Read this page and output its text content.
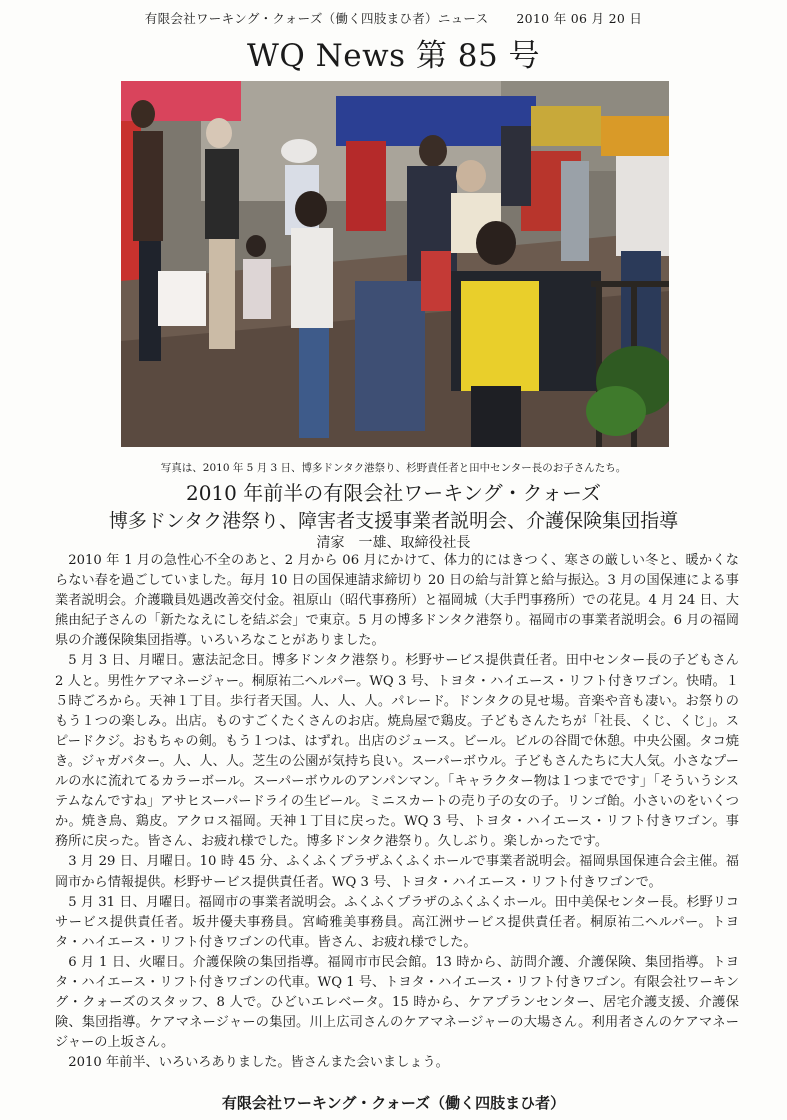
有限会社ワーキング・クォーズ（働く四肢まひ者）ニュース 2010 年 06 月 20 日
WQ News 第 85 号
写真は、2010 年 5 月 3 日、博多ドンタク港祭り、杉野責任者と田中センター長のお子さんたち。
2010 年前半の有限会社ワーキング・クォーズ
博多ドンタク港祭り、障害者支援事業者説明会、介護保険集団指導
清家　一雄、取締役社長

2010 年 1 月の急性心不全のあと、2 月から 06 月にかけて、体力的にはきつく、寒さの厳しい冬と、暖かくならない春を過ごしていました。毎月 10 日の国保連請求締切り 20 日の給与計算と給与振込。3 月の国保連による事業者説明会。介護職員処遇改善交付金。祖原山（昭代事務所）と福岡城（大手門事務所）での花見。4 月 24 日、大熊由紀子さんの「新たなえにしを結ぶ会」で東京。5 月の博多ドンタク港祭り。福岡市の事業者説明会。6 月の福岡県の介護保険集団指導。いろいろなことがありました。

5 月 3 日、月曜日。憲法記念日。博多ドンタク港祭り。杉野サービス提供責任者。田中センター長の子どもさん 2 人と。男性ケアマネージャー。桐原祐二ヘルパー。WQ 3 号、トヨタ・ハイエース・リフト付きワゴン。快晴。１５時ごろから。天神１丁目。歩行者天国。人、人、人。パレード。ドンタクの見せ場。音楽や音も凄い。お祭りのもう１つの楽しみ。出店。ものすごくたくさんのお店。焼鳥屋で鶏皮。子どもさんたちが「社長、くじ、くじ」。スピードクジ。おもちゃの剣。もう１つは、はずれ。出店のジュース。ビール。ビルの谷間で休憩。中央公園。タコ焼き。ジャガバター。人、人、人。芝生の公園が気持ち良い。スーパーボウル。子どもさんたちに大人気。小さなプールの水に流れてるカラーボール。スーパーボウルのアンパンマン。「キャラクター物は１つまでです」「そういうシステムなんですね」アサヒスーパードライの生ビール。ミニスカートの売り子の女の子。リンゴ飴。小さいのをいくつか。焼き鳥、鶏皮。アクロス福岡。天神１丁目に戻った。WQ 3 号、トヨタ・ハイエース・リフト付きワゴン。事務所に戻った。皆さん、お疲れ様でした。博多ドンタク港祭り。久しぶり。楽しかったです。

3 月 29 日、月曜日。10 時 45 分、ふくふくプラザふくふくホールで事業者説明会。福岡県国保連合会主催。福岡市から情報提供。杉野サービス提供責任者。WQ 3 号、トヨタ・ハイエース・リフト付きワゴンで。

5 月 31 日、月曜日。福岡市の事業者説明会。ふくふくプラザのふくふくホール。田中美保センター長。杉野リコサービス提供責任者。坂井優夫事務員。宮崎雅美事務員。高江洲サービス提供責任者。桐原祐二ヘルパー。トヨタ・ハイエース・リフト付きワゴンの代車。皆さん、お疲れ様でした。

6 月 1 日、火曜日。介護保険の集団指導。福岡市市民会館。13 時から、訪問介護、介護保険、集団指導。トヨタ・ハイエース・リフト付きワゴンの代車。WQ 1 号、トヨタ・ハイエース・リフト付きワゴン。有限会社ワーキング・クォーズのスタッフ、8 人で。ひどいエレベータ。15 時から、ケアプランセンター、居宅介護支援、介護保険、集団指導。ケアマネージャーの集団。川上広司さんのケアマネージャーの大場さん。利用者さんのケアマネージャーの上坂さん。

2010 年前半、いろいろありました。皆さんまた会いましょう。

有限会社ワーキング・クォーズ（働く四肢まひ者）
